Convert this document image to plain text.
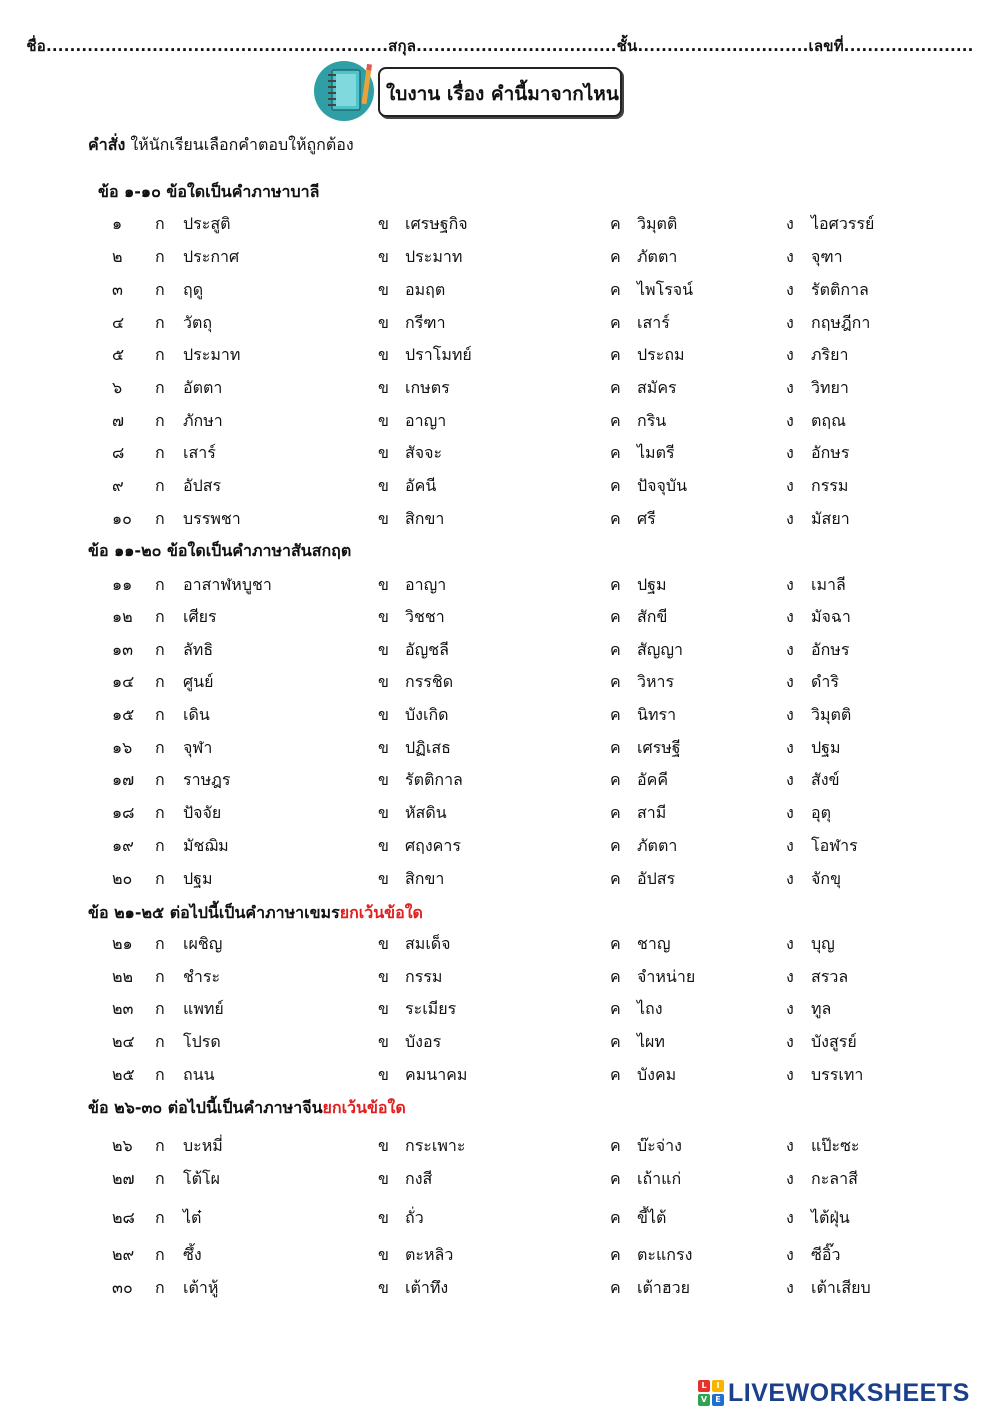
ชื่อ..........................................................สกุล..................................ชั้น.............................เลขที่......................
ใบงาน เรื่อง คำนี้มาจากไหน
คำสั่ง ให้นักเรียนเลือกคำตอบให้ถูกต้อง
ข้อ ๑-๑๐ ข้อใดเป็นคำภาษาบาลี
๑	ก ประสูติ	ข เศรษฐกิจ	ค วิมุตติ	ง ไอศวรรย์
๒	ก ประกาศ	ข ประมาท	ค ภัตตา	ง จุฑา
๓	ก ฤดู	ข อมฤต	ค ไพโรจน์	ง รัตติกาล
๔	ก วัตถุ	ข กรีฑา	ค เสาร์	ง กฤษฎีกา
๕	ก ประมาท	ข ปราโมทย์	ค ประถม	ง ภริยา
๖	ก อัตตา	ข เกษตร	ค สมัคร	ง วิทยา
๗	ก ภักษา	ข อาญา	ค กริน	ง ตฤณ
๘	ก เสาร์	ข สัจจะ	ค ไมตรี	ง อักษร
๙	ก อัปสร	ข อัคนี	ค ปัจจุบัน	ง กรรม
๑๐	ก บรรพชา	ข สิกขา	ค ศรี	ง มัสยา
ข้อ ๑๑-๒๐ ข้อใดเป็นคำภาษาสันสกฤต
๑๑	ก อาสาฬหบูชา	ข อาญา	ค ปฐม	ง เมาลี
๑๒	ก เศียร	ข วิชชา	ค สักขี	ง มัจฉา
๑๓	ก ลัทธิ	ข อัญชลี	ค สัญญา	ง อักษร
๑๔	ก ศูนย์	ข กรรชิด	ค วิหาร	ง ดำริ
๑๕	ก เดิน	ข บังเกิด	ค นิทรา	ง วิมุตติ
๑๖	ก จุฬา	ข ปฏิเสธ	ค เศรษฐี	ง ปฐม
๑๗	ก ราษฎร	ข รัตติกาล	ค อัคคี	ง สังข์
๑๘	ก ปัจจัย	ข หัสดิน	ค สามี	ง อุตุ
๑๙	ก มัชฌิม	ข ศฤงคาร	ค ภัตตา	ง โอฬาร
๒๐	ก ปฐม	ข สิกขา	ค อัปสร	ง จักขุ
ข้อ ๒๑-๒๕ ต่อไปนี้เป็นคำภาษาเขมรยกเว้นข้อใด
๒๑	ก เผชิญ	ข สมเด็จ	ค ชาญ	ง บุญ
๒๒	ก ชำระ	ข กรรม	ค จำหน่าย	ง สรวล
๒๓	ก แพทย์	ข ระเมียร	ค ไถง	ง ทูล
๒๔	ก โปรด	ข บังอร	ค ไผท	ง บังสูรย์
๒๕	ก ถนน	ข คมนาคม	ค บังคม	ง บรรเทา
ข้อ ๒๖-๓๐ ต่อไปนี้เป็นคำภาษาจีนยกเว้นข้อใด
๒๖	ก บะหมี่	ข กระเพาะ	ค บ๊ะจ่าง	ง แป๊ะซะ
๒๗	ก โต้โผ	ข กงสี	ค เถ้าแก่	ง กะลาสี
๒๘	ก ไต๋	ข ถั่ว	ค ขี้ไต้	ง ไต้ฝุ่น
๒๙	ก ซึ้ง	ข ตะหลิว	ค ตะแกรง	ง ซีอิ๊ว
๓๐	ก เต้าหู้	ข เต้าทึง	ค เต้าฮวย	ง เต้าเสียบ
L	I
V	E LIVEWORKSHEETS
